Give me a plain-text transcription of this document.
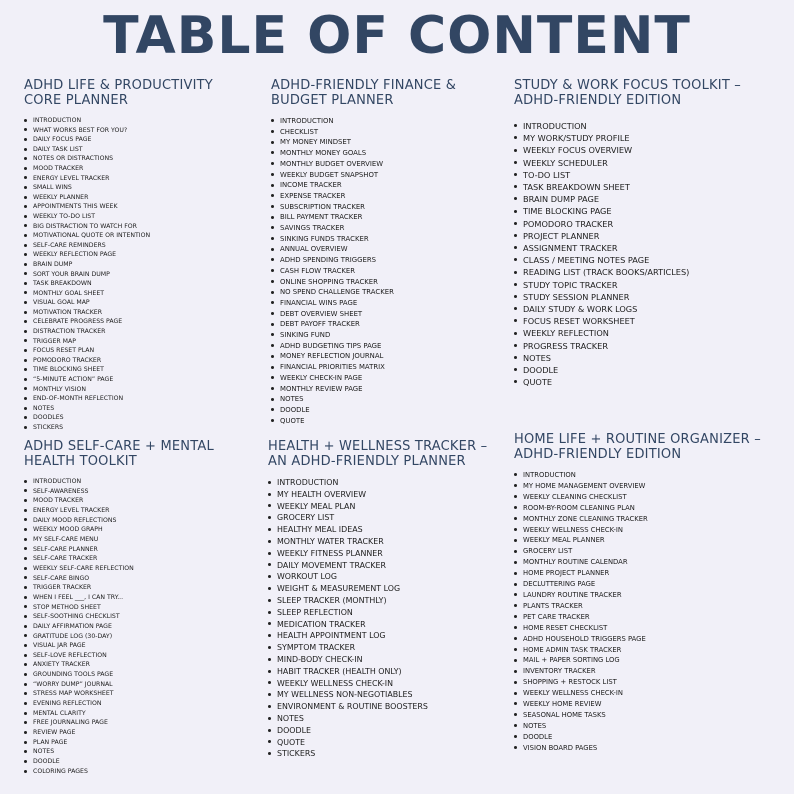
TABLE OF CONTENT
ADHD LIFE & PRODUCTIVITY CORE PLANNER
INTRODUCTION
WHAT WORKS BEST FOR YOU?
DAILY FOCUS PAGE
DAILY TASK LIST
NOTES OR DISTRACTIONS
MOOD TRACKER
ENERGY LEVEL TRACKER
SMALL WINS
WEEKLY PLANNER
APPOINTMENTS THIS WEEK
WEEKLY TO-DO LIST
BIG DISTRACTION TO WATCH FOR
MOTIVATIONAL QUOTE OR INTENTION
SELF-CARE REMINDERS
WEEKLY REFLECTION PAGE
BRAIN DUMP
SORT YOUR BRAIN DUMP
TASK BREAKDOWN
MONTHLY GOAL SHEET
VISUAL GOAL MAP
MOTIVATION TRACKER
CELEBRATE PROGRESS PAGE
DISTRACTION TRACKER
TRIGGER MAP
FOCUS RESET PLAN
POMODORO TRACKER
TIME BLOCKING SHEET
“5-MINUTE ACTION” PAGE
MONTHLY VISION
END-OF-MONTH REFLECTION
NOTES
DOODLES
STICKERS
ADHD-FRIENDLY FINANCE & BUDGET PLANNER
INTRODUCTION
CHECKLIST
MY MONEY MINDSET
MONTHLY MONEY GOALS
MONTHLY BUDGET OVERVIEW
WEEKLY BUDGET SNAPSHOT
INCOME TRACKER
EXPENSE TRACKER
SUBSCRIPTION TRACKER
BILL PAYMENT TRACKER
SAVINGS TRACKER
SINKING FUNDS TRACKER
ANNUAL OVERVIEW
ADHD SPENDING TRIGGERS
CASH FLOW TRACKER
ONLINE SHOPPING TRACKER
NO SPEND CHALLENGE TRACKER
FINANCIAL WINS PAGE
DEBT OVERVIEW SHEET
DEBT PAYOFF TRACKER
SINKING FUND
ADHD BUDGETING TIPS PAGE
MONEY REFLECTION JOURNAL
FINANCIAL PRIORITIES MATRIX
WEEKLY CHECK-IN PAGE
MONTHLY REVIEW PAGE
NOTES
DOODLE
QUOTE
STUDY & WORK FOCUS TOOLKIT – ADHD-FRIENDLY EDITION
INTRODUCTION
MY WORK/STUDY PROFILE
WEEKLY FOCUS OVERVIEW
WEEKLY SCHEDULER
TO-DO LIST
TASK BREAKDOWN SHEET
BRAIN DUMP PAGE
TIME BLOCKING PAGE
POMODORO TRACKER
PROJECT PLANNER
ASSIGNMENT TRACKER
CLASS / MEETING NOTES PAGE
READING LIST (TRACK BOOKS/ARTICLES)
STUDY TOPIC TRACKER
STUDY SESSION PLANNER
DAILY STUDY & WORK LOGS
FOCUS RESET WORKSHEET
WEEKLY REFLECTION
PROGRESS TRACKER
NOTES
DOODLE
QUOTE
ADHD SELF-CARE + MENTAL HEALTH TOOLKIT
INTRODUCTION
SELF-AWARENESS
MOOD TRACKER
ENERGY LEVEL TRACKER
DAILY MOOD REFLECTIONS
WEEKLY MOOD GRAPH
MY SELF-CARE MENU
SELF-CARE PLANNER
SELF-CARE TRACKER
WEEKLY SELF-CARE REFLECTION
SELF-CARE BINGO
TRIGGER TRACKER
WHEN I FEEL ___, I CAN TRY...
STOP METHOD SHEET
SELF-SOOTHING CHECKLIST
DAILY AFFIRMATION PAGE
GRATITUDE LOG (30-DAY)
VISUAL JAR PAGE
SELF-LOVE REFLECTION
ANXIETY TRACKER
GROUNDING TOOLS PAGE
“WORRY DUMP” JOURNAL
STRESS MAP WORKSHEET
EVENING REFLECTION
MENTAL CLARITY
FREE JOURNALING PAGE
REVIEW PAGE
PLAN PAGE
NOTES
DOODLE
COLORING PAGES
HEALTH + WELLNESS TRACKER – AN ADHD-FRIENDLY PLANNER
INTRODUCTION
MY HEALTH OVERVIEW
WEEKLY MEAL PLAN
GROCERY LIST
HEALTHY MEAL IDEAS
MONTHLY WATER TRACKER
WEEKLY FITNESS PLANNER
DAILY MOVEMENT TRACKER
WORKOUT LOG
WEIGHT & MEASUREMENT LOG
SLEEP TRACKER (MONTHLY)
SLEEP REFLECTION
MEDICATION TRACKER
HEALTH APPOINTMENT LOG
SYMPTOM TRACKER
MIND-BODY CHECK-IN
HABIT TRACKER (HEALTH ONLY)
WEEKLY WELLNESS CHECK-IN
MY WELLNESS NON-NEGOTIABLES
ENVIRONMENT & ROUTINE BOOSTERS
NOTES
DOODLE
QUOTE
STICKERS
HOME LIFE + ROUTINE ORGANIZER – ADHD-FRIENDLY EDITION
INTRODUCTION
MY HOME MANAGEMENT OVERVIEW
WEEKLY CLEANING CHECKLIST
ROOM-BY-ROOM CLEANING PLAN
MONTHLY ZONE CLEANING TRACKER
WEEKLY WELLNESS CHECK-IN
WEEKLY MEAL PLANNER
GROCERY LIST
MONTHLY ROUTINE CALENDAR
HOME PROJECT PLANNER
DECLUTTERING PAGE
LAUNDRY ROUTINE TRACKER
PLANTS TRACKER
PET CARE TRACKER
HOME RESET CHECKLIST
ADHD HOUSEHOLD TRIGGERS PAGE
HOME ADMIN TASK TRACKER
MAIL + PAPER SORTING LOG
INVENTORY TRACKER
SHOPPING + RESTOCK LIST
WEEKLY WELLNESS CHECK-IN
WEEKLY HOME REVIEW
SEASONAL HOME TASKS
NOTES
DOODLE
VISION BOARD PAGES
